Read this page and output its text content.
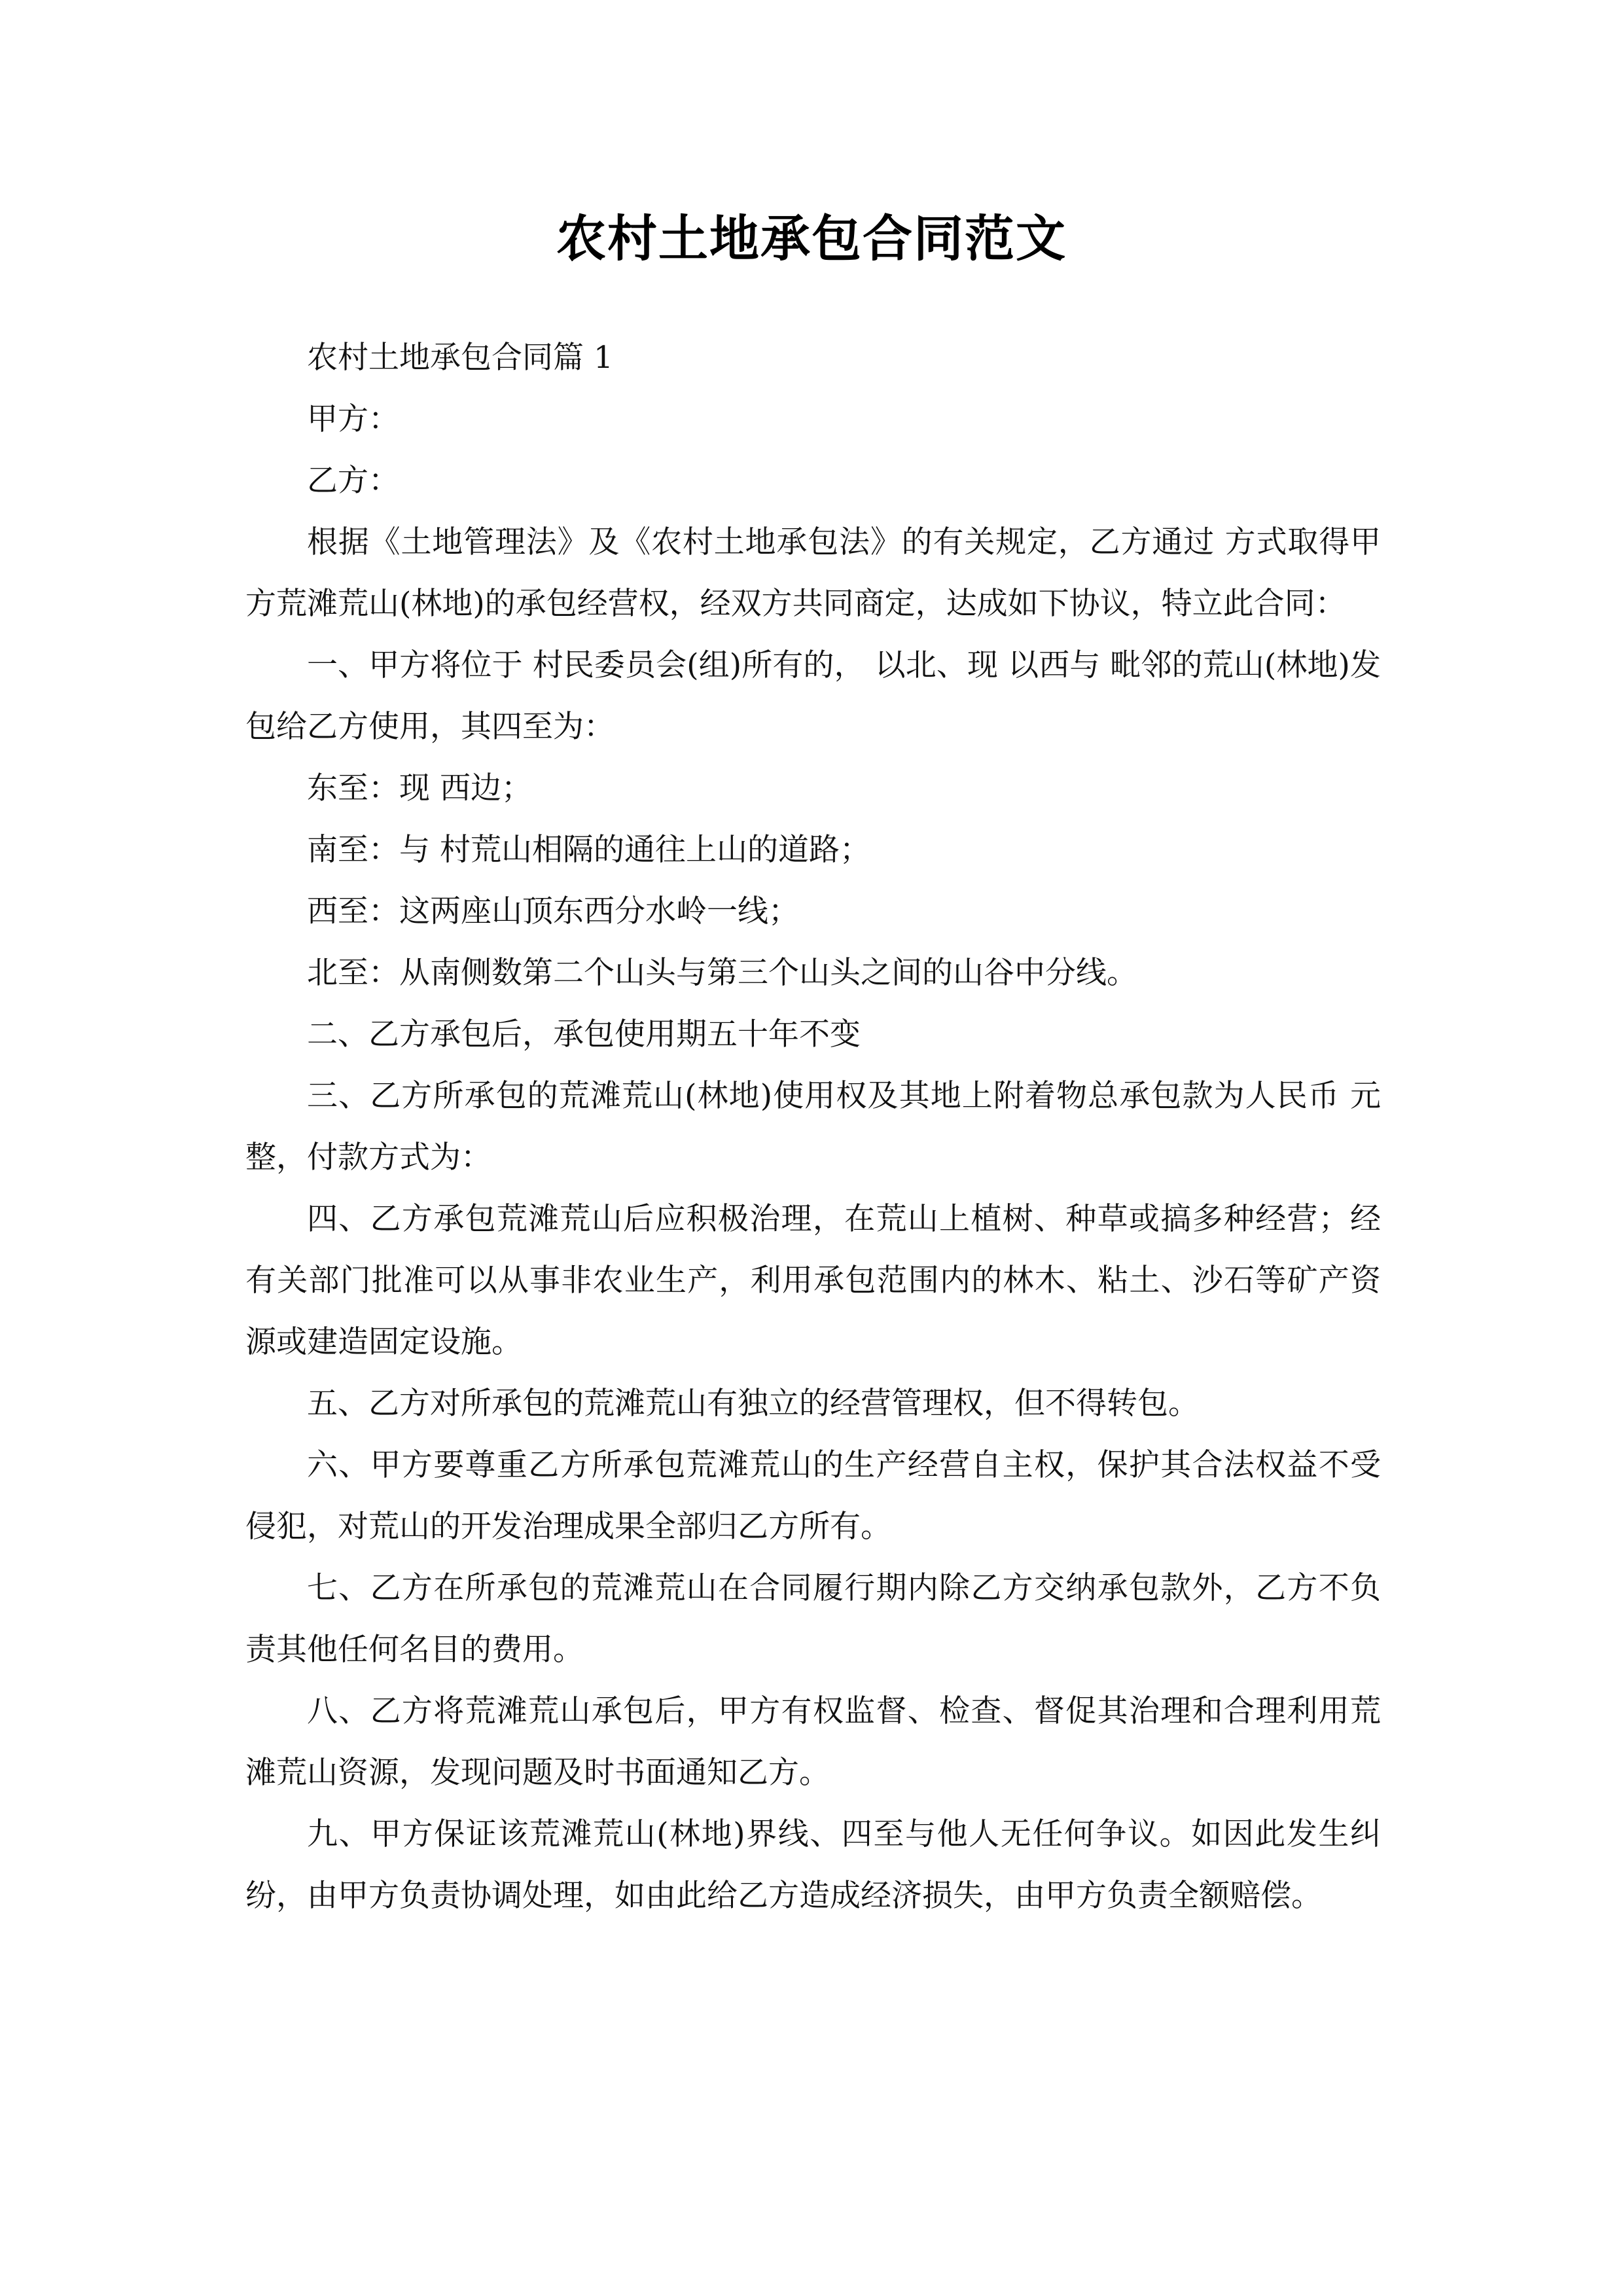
农村土地承包合同范文

农村土地承包合同篇 1

甲方：

乙方：

根据《土地管理法》及《农村土地承包法》的有关规定，乙方通过 方式取得甲方荒滩荒山(林地)的承包经营权，经双方共同商定，达成如下协议，特立此合同：

一、甲方将位于 村民委员会(组)所有的， 以北、现 以西与 毗邻的荒山(林地)发包给乙方使用，其四至为：

东至：现 西边；

南至：与 村荒山相隔的通往上山的道路；

西至：这两座山顶东西分水岭一线；

北至：从南侧数第二个山头与第三个山头之间的山谷中分线。

二、乙方承包后，承包使用期五十年不变

三、乙方所承包的荒滩荒山(林地)使用权及其地上附着物总承包款为人民币 元整，付款方式为：

四、乙方承包荒滩荒山后应积极治理，在荒山上植树、种草或搞多种经营；经有关部门批准可以从事非农业生产，利用承包范围内的林木、粘土、沙石等矿产资源或建造固定设施。

五、乙方对所承包的荒滩荒山有独立的经营管理权，但不得转包。

六、甲方要尊重乙方所承包荒滩荒山的生产经营自主权，保护其合法权益不受侵犯，对荒山的开发治理成果全部归乙方所有。

七、乙方在所承包的荒滩荒山在合同履行期内除乙方交纳承包款外，乙方不负责其他任何名目的费用。

八、乙方将荒滩荒山承包后，甲方有权监督、检查、督促其治理和合理利用荒滩荒山资源，发现问题及时书面通知乙方。

九、甲方保证该荒滩荒山(林地)界线、四至与他人无任何争议。如因此发生纠纷，由甲方负责协调处理，如由此给乙方造成经济损失，由甲方负责全额赔偿。
